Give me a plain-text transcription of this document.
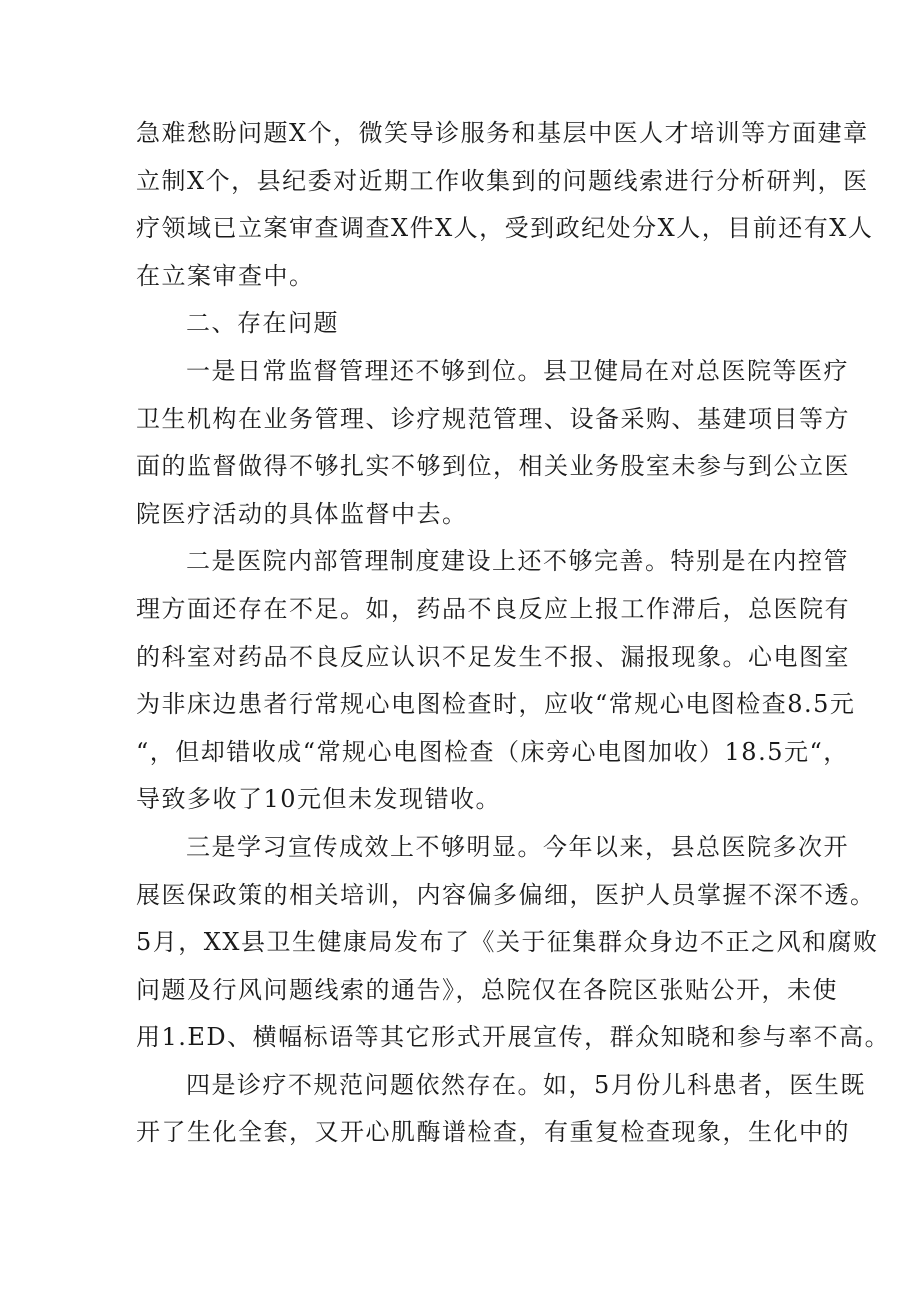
急难愁盼问题X个，微笑导诊服务和基层中医人才培训等方面建章
立制X个，县纪委对近期工作收集到的问题线索进行分析研判，医
疗领域已立案审查调查X件X人，受到政纪处分X人，目前还有X人
在立案审查中。
二、存在问题
一是日常监督管理还不够到位。县卫健局在对总医院等医疗
卫生机构在业务管理、诊疗规范管理、设备采购、基建项目等方
面的监督做得不够扎实不够到位，相关业务股室未参与到公立医
院医疗活动的具体监督中去。
二是医院内部管理制度建设上还不够完善。特别是在内控管
理方面还存在不足。如，药品不良反应上报工作滞后，总医院有
的科室对药品不良反应认识不足发生不报、漏报现象。心电图室
为非床边患者行常规心电图检查时，应收“常规心电图检查8.5元
“，但却错收成“常规心电图检查（床旁心电图加收）18.5元“，
导致多收了10元但未发现错收。
三是学习宣传成效上不够明显。今年以来，县总医院多次开
展医保政策的相关培训，内容偏多偏细，医护人员掌握不深不透。
5月，XX县卫生健康局发布了《关于征集群众身边不正之风和腐败
问题及行风问题线索的通告》，总院仅在各院区张贴公开，未使
用1.ED、横幅标语等其它形式开展宣传，群众知晓和参与率不高。
四是诊疗不规范问题依然存在。如，5月份儿科患者，医生既
开了生化全套，又开心肌酶谱检查，有重复检查现象，生化中的
